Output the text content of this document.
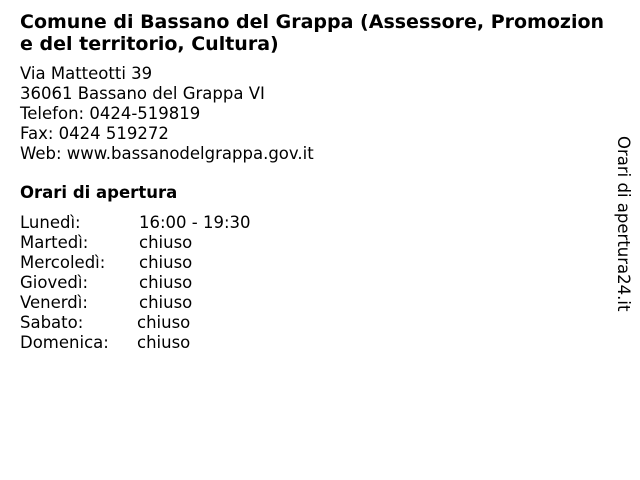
Comune di Bassano del Grappa (Assessore, Promozione del territorio, Cultura)
Via Matteotti 39
36061 Bassano del Grappa VI
Telefon: 0424-519819
Fax: 0424 519272
Web: www.bassanodelgrappa.gov.it
Orari di apertura
Lunedì:	16:00 - 19:30
Martedì:	chiuso
Mercoledì:	chiuso
Giovedì:	chiuso
Venerdì:	chiuso
Sabato:	chiuso
Domenica:	chiuso
Orari di apertura24.it
